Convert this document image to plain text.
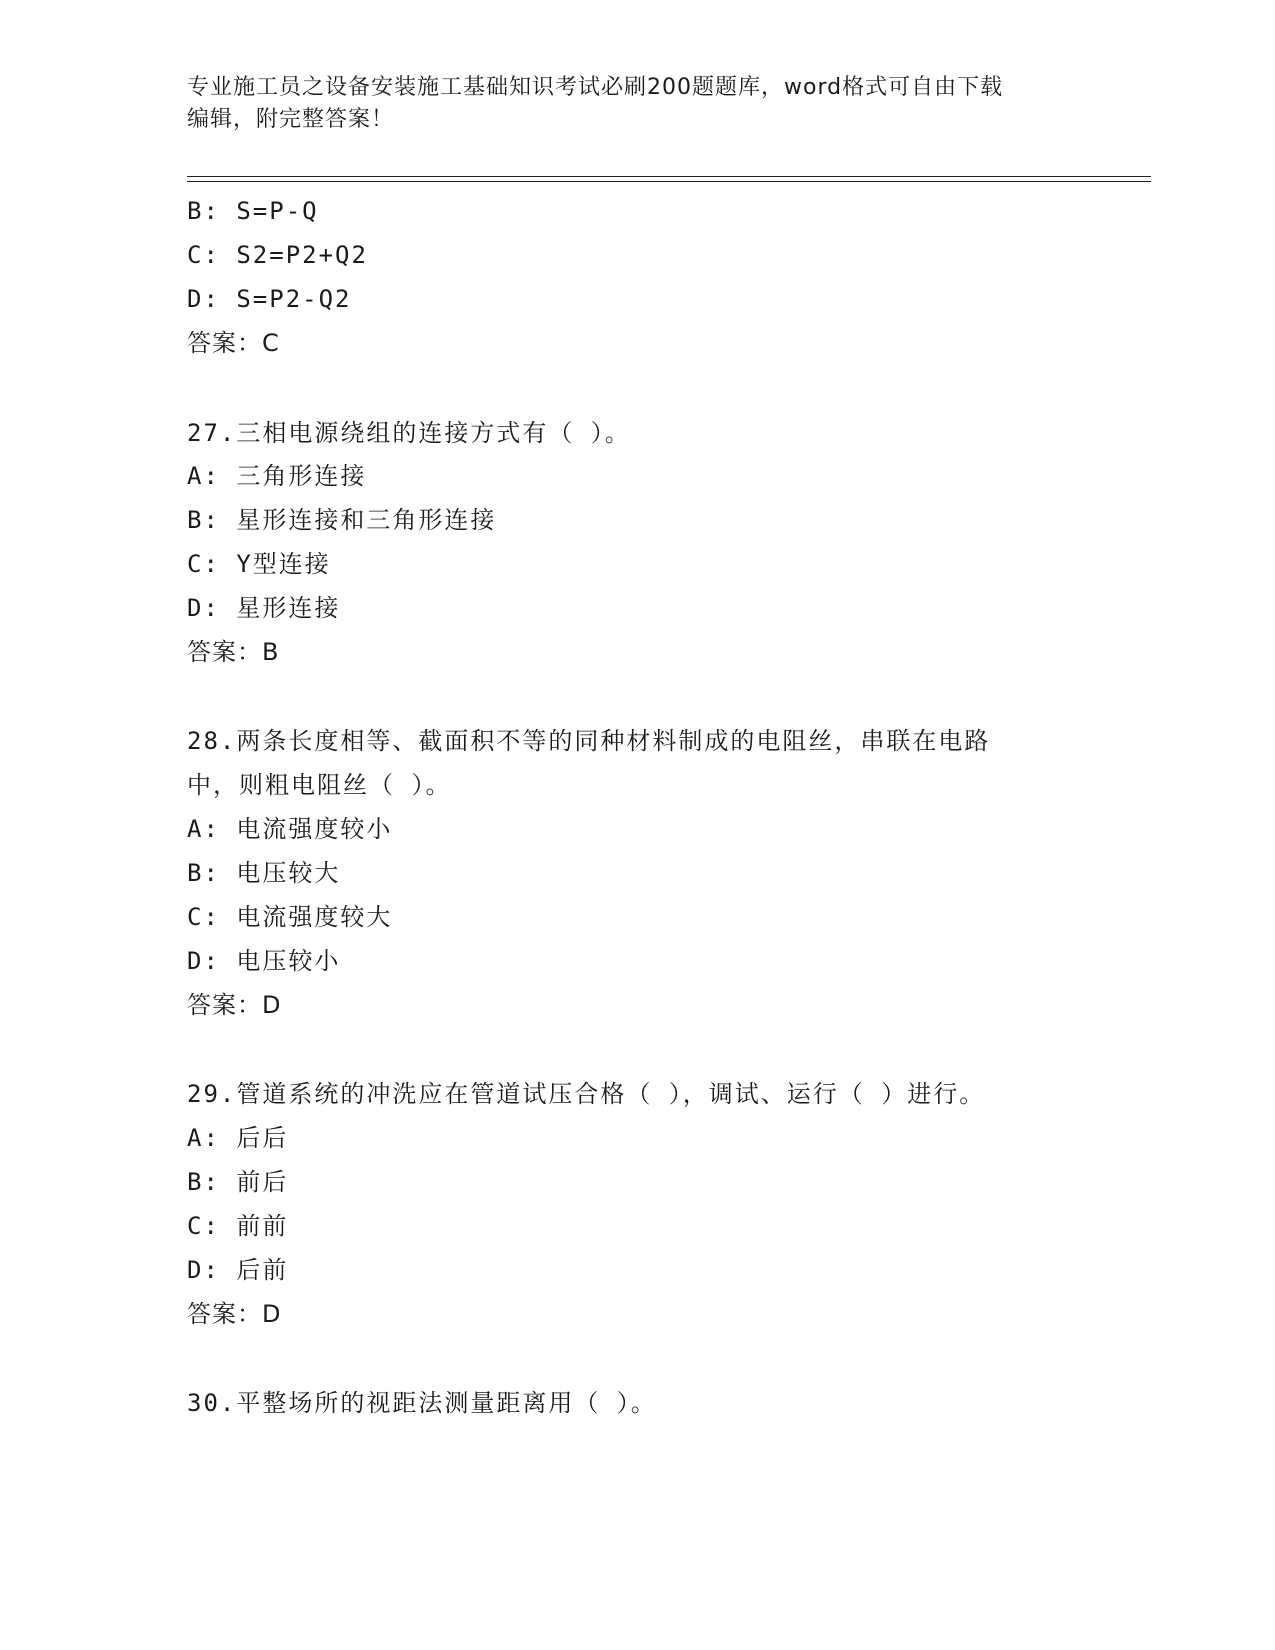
专业施工员之设备安装施工基础知识考试必刷200题题库，word格式可自由下载
编辑，附完整答案！
B: S=P-Q
C: S2=P2+Q2
D: S=P2-Q2
答案：C
27.三相电源绕组的连接方式有（ ）。
A: 三角形连接
B: 星形连接和三角形连接
C: Y型连接
D: 星形连接
答案：B
28.两条长度相等、截面积不等的同种材料制成的电阻丝，串联在电路
中，则粗电阻丝（ ）。
A: 电流强度较小
B: 电压较大
C: 电流强度较大
D: 电压较小
答案：D
29.管道系统的冲洗应在管道试压合格（ ），调试、运行（ ）进行。
A: 后后
B: 前后
C: 前前
D: 后前
答案：D
30.平整场所的视距法测量距离用（ ）。
